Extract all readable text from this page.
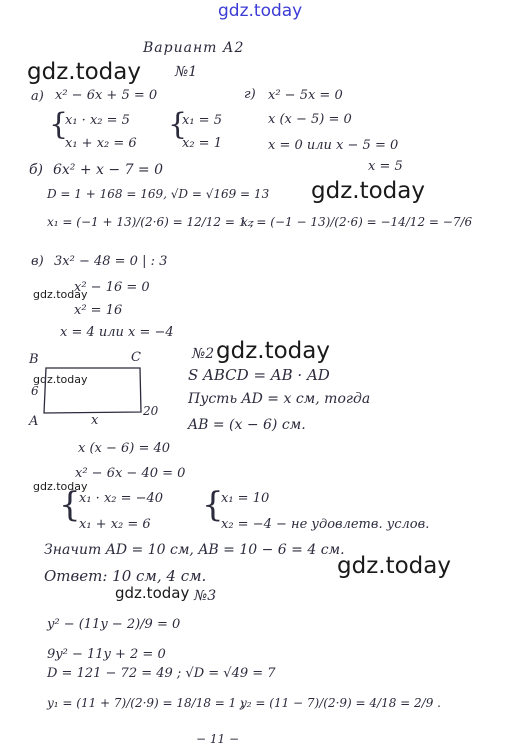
gdz.today
gdz.today
gdz.today
gdz.today
gdz.today
gdz.today
gdz.today
gdz.today
gdz.today
Вариант А2
№1
а) x² − 6x + 5 = 0
{
x₁ · x₂ = 5
x₁ + x₂ = 6
{
x₁ = 5
x₂ = 1
г) x² − 5x = 0
x (x − 5) = 0
x = 0 или x − 5 = 0
x = 5
б) 6x² + x − 7 = 0
D = 1 + 168 = 169, √D = √169 = 13
x₁ = (−1 + 13)/(2·6) = 12/12 = 1 ;
x₂ = (−1 − 13)/(2·6) = −14/12 = −7/6
в) 3x² − 48 = 0 | : 3
x² − 16 = 0
x² = 16
x = 4 или x = −4
B	C
6
A	x
20
№2
S ABCD = AB · AD
Пусть AD = x см, тогда
AB = (x − 6) см.
x (x − 6) = 40
x² − 6x − 40 = 0
{
x₁ · x₂ = −40
x₁ + x₂ = 6 {
x₁ = 10
x₂ = −4 − не удовлетв. услов.
Значит AD = 10 см, AB = 10 − 6 = 4 см.
Ответ: 10 см, 4 см.
№3
y² − (11y − 2)/9 = 0
9y² − 11y + 2 = 0
D = 121 − 72 = 49 ; √D = √49 = 7
y₁ = (11 + 7)/(2·9) = 18/18 = 1 ;
y₂ = (11 − 7)/(2·9) = 4/18 = 2/9 .
− 11 −
